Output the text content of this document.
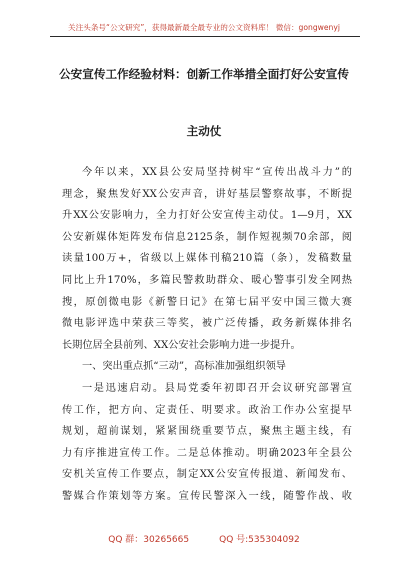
关注头条号“公文研究”，获得最新最全最专业的公文资料库！ 微信：gongwenyj
公安宣传工作经验材料：创新工作举措全面打好公安宣传
主动仗
今年以来，XX县公安局坚持树牢“宣传出战斗力”的
理念，聚焦发好XX公安声音，讲好基层警察故事，不断提
升XX公安影响力，全力打好公安宣传主动仗。1—9月，XX
公安新媒体矩阵发布信息2125条，制作短视频70余部，阅
读量100万+，省级以上媒体刊稿210篇（条），发稿数量
同比上升170%，多篇民警救助群众、暖心警事引发全网热
搜，原创微电影《新警日记》在第七届平安中国三微大赛
微电影评选中荣获三等奖，被广泛传播，政务新媒体排名
长期位居全县前列、XX公安社会影响力进一步提升。
一、突出重点抓“三动”，高标准加强组织领导
一是迅速启动。县局党委年初即召开会议研究部署宣
传工作，把方向、定责任、明要求。政治工作办公室提早
规划，超前谋划，紧紧围绕重要节点，聚焦主题主线，有
力有序推进宣传工作。二是总体推动。明确2023年全县公
安机关宣传工作要点，制定XX公安宣传报道、新闻发布、
警媒合作策划等方案。宣传民警深入一线，随警作战、收
QQ 群：30265665	QQ 号:535304092
